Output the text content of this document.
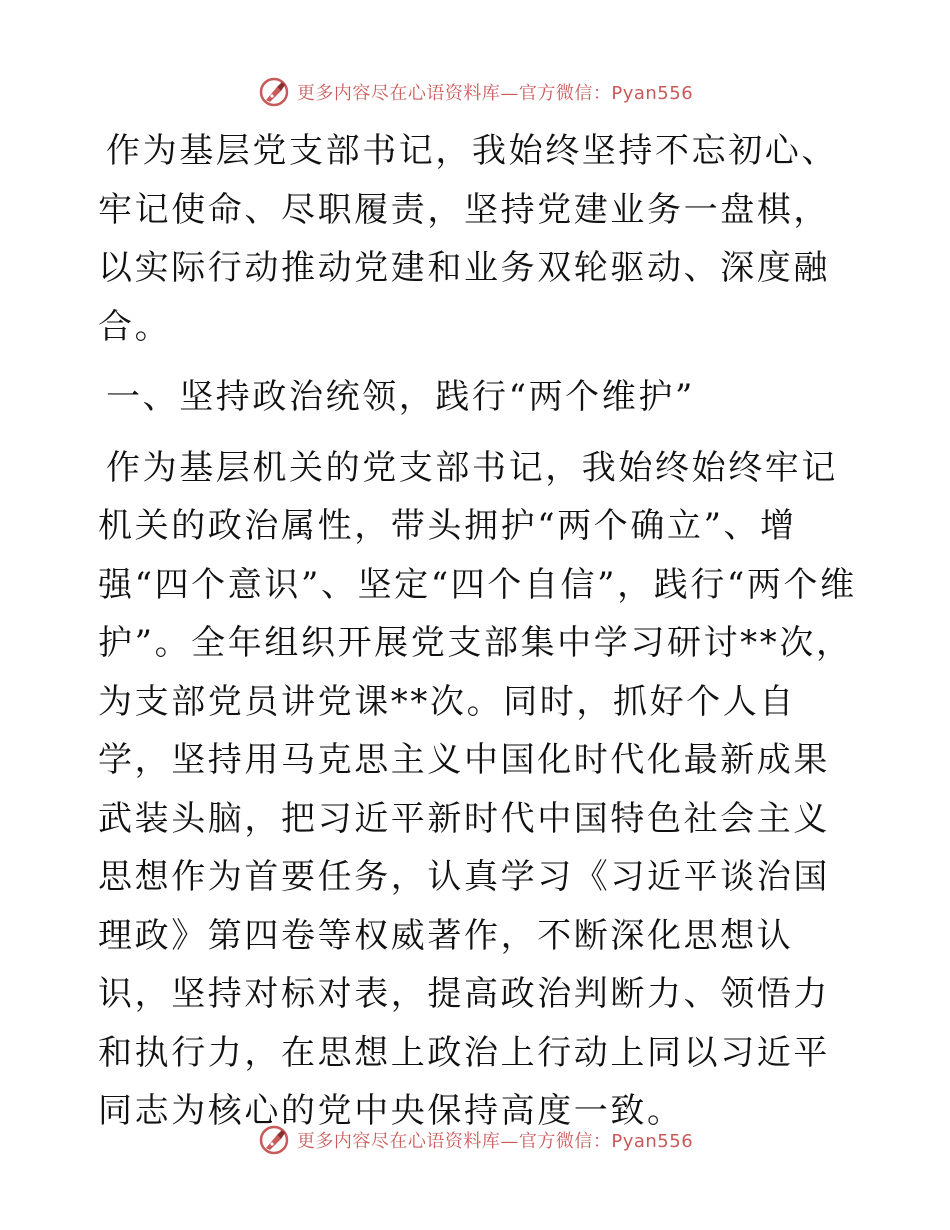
更多内容尽在心语资料库—官方微信：Pyan556

作为基层党支部书记，我始终坚持不忘初心、牢记使命、尽职履责，坚持党建业务一盘棋，以实际行动推动党建和业务双轮驱动、深度融合。

一、坚持政治统领，践行“两个维护”

作为基层机关的党支部书记，我始终始终牢记机关的政治属性，带头拥护“两个确立”、增强“四个意识”、坚定“四个自信”，践行“两个维护”。全年组织开展党支部集中学习研讨**次，为支部党员讲党课**次。同时，抓好个人自学，坚持用马克思主义中国化时代化最新成果武装头脑，把习近平新时代中国特色社会主义思想作为首要任务，认真学习《习近平谈治国理政》第四卷等权威著作，不断深化思想认识，坚持对标对表，提高政治判断力、领悟力和执行力，在思想上政治上行动上同以习近平同志为核心的党中央保持高度一致。

更多内容尽在心语资料库—官方微信：Pyan556
